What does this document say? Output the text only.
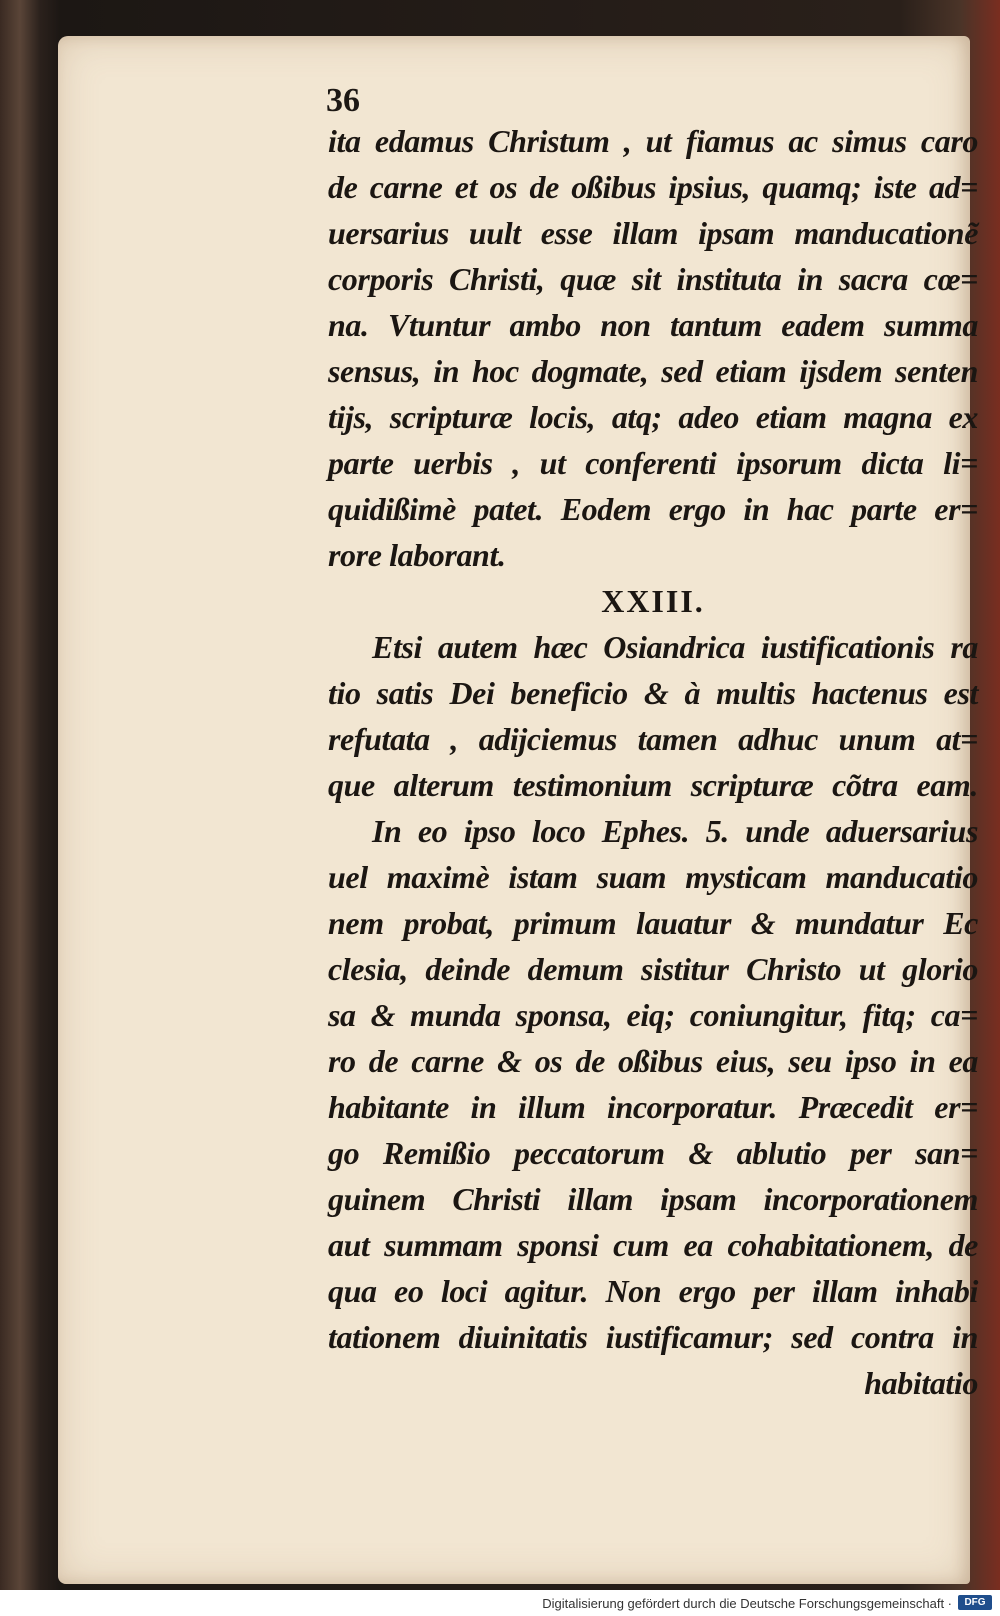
36
ita edamus Christum , ut fiamus ac simus caro
de carne et os de oßibus ipsius, quamq; iste ad=
uersarius uult esse illam ipsam manducationẽ
corporis Christi, quæ sit instituta in sacra cœ=
na. Vtuntur ambo non tantum eadem summa
sensus, in hoc dogmate, sed etiam ijsdem senten
tijs, scripturæ locis, atq; adeo etiam magna ex
parte uerbis , ut conferenti ipsorum dicta li=
quidißimè patet. Eodem ergo in hac parte er=
rore laborant.
XXIII.
Etsi autem hæc Osiandrica iustificationis ra
tio satis Dei beneficio & à multis hactenus est
refutata , adijciemus tamen adhuc unum at=
que alterum testimonium scripturæ cõtra eam.
In eo ipso loco Ephes. 5. unde aduersarius
uel maximè istam suam mysticam manducatio
nem probat, primum lauatur & mundatur Ec
clesia, deinde demum sistitur Christo ut glorio
sa & munda sponsa, eiq; coniungitur, fitq; ca=
ro de carne & os de oßibus eius, seu ipso in ea
habitante in illum incorporatur. Præcedit er=
go Remißio peccatorum & ablutio per san=
guinem Christi illam ipsam incorporationem
aut summam sponsi cum ea cohabitationem, de
qua eo loci agitur. Non ergo per illam inhabi
tationem diuinitatis iustificamur; sed contra in
habitatio
Digitalisierung gefördert durch die Deutsche Forschungsgemeinschaft ·	DFG
